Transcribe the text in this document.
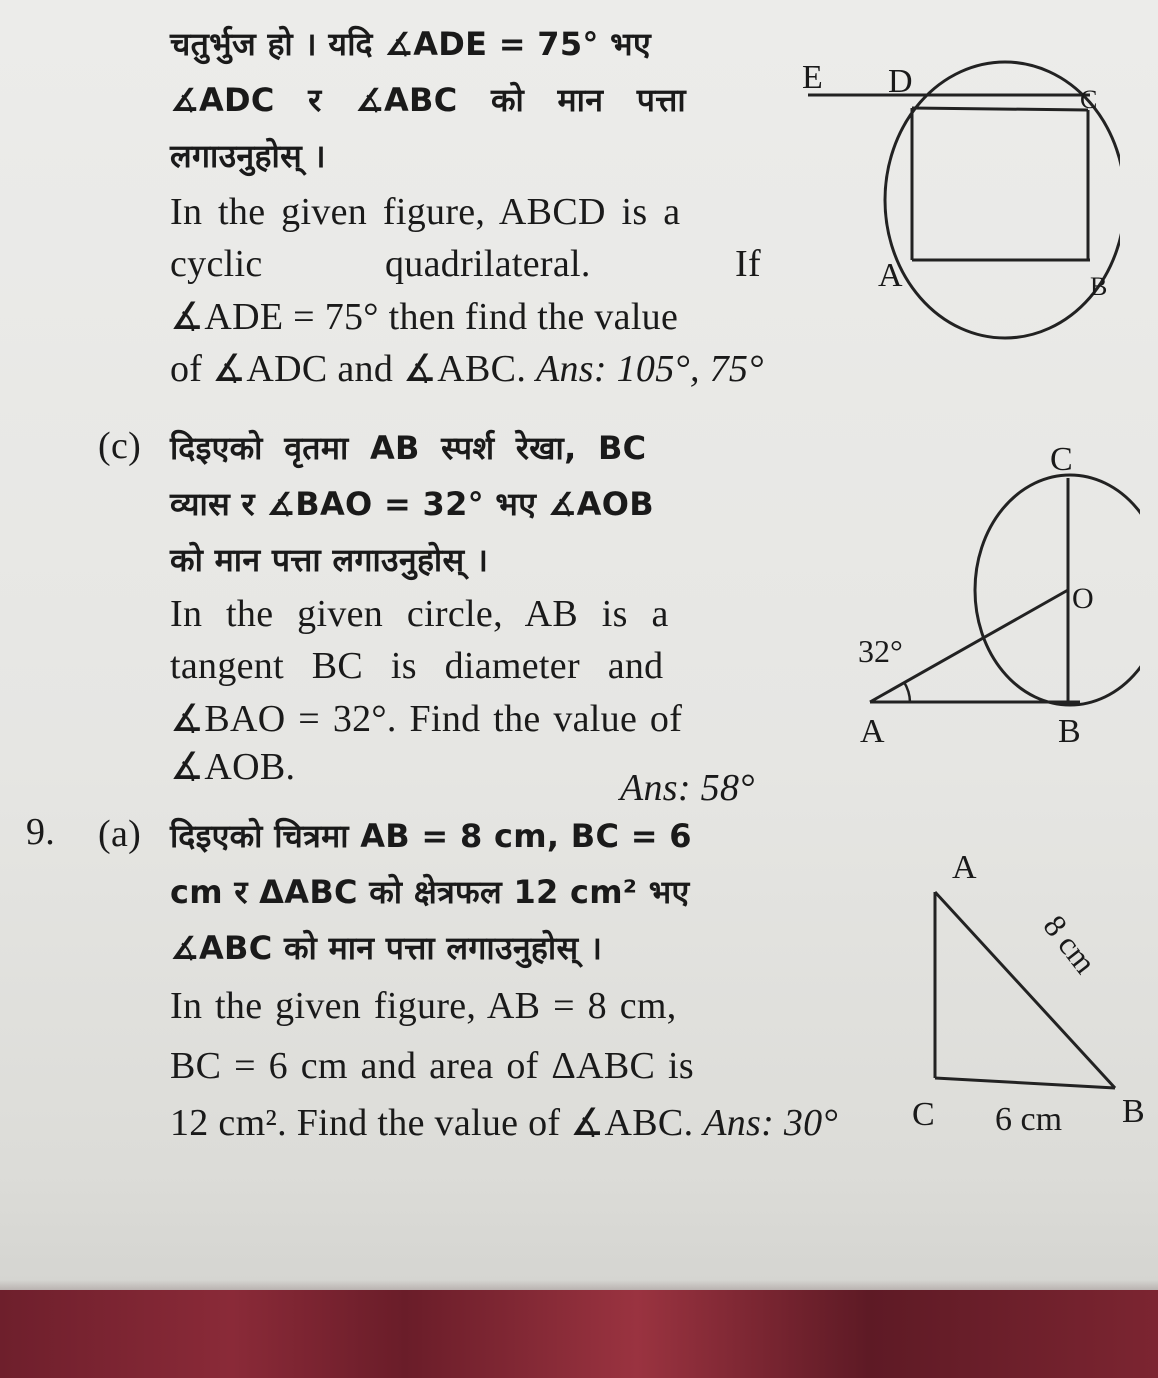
चतुर्भुज हो । यदि ∡ADE = 75° भए
∡ADC र ∡ABC को मान पत्ता
लगाउनुहोस् ।
In the given figure, ABCD is a
cyclic	quadrilateral.	If
∡ADE = 75° then find the value
of ∡ADC and ∡ABC. Ans: 105°, 75°
E D	C
A	B
(c) दिइएको वृतमा AB स्पर्श रेखा, BC
व्यास र ∡BAO = 32° भए ∡AOB
को मान पत्ता लगाउनुहोस् ।
In the given circle, AB is a
tangent BC is diameter and
∡BAO = 32°. Find the value of
∡AOB.	Ans: 58°
C
O
32°
A	B
9. (a) दिइएको चित्रमा AB = 8 cm, BC = 6
cm र ΔABC को क्षेत्रफल 12 cm² भए
∡ABC को मान पत्ता लगाउनुहोस् ।
In the given figure, AB = 8 cm,
BC = 6 cm and area of ΔABC is
12 cm². Find the value of ∡ABC. Ans: 30°
A
C	B
6 cm
8 cm
